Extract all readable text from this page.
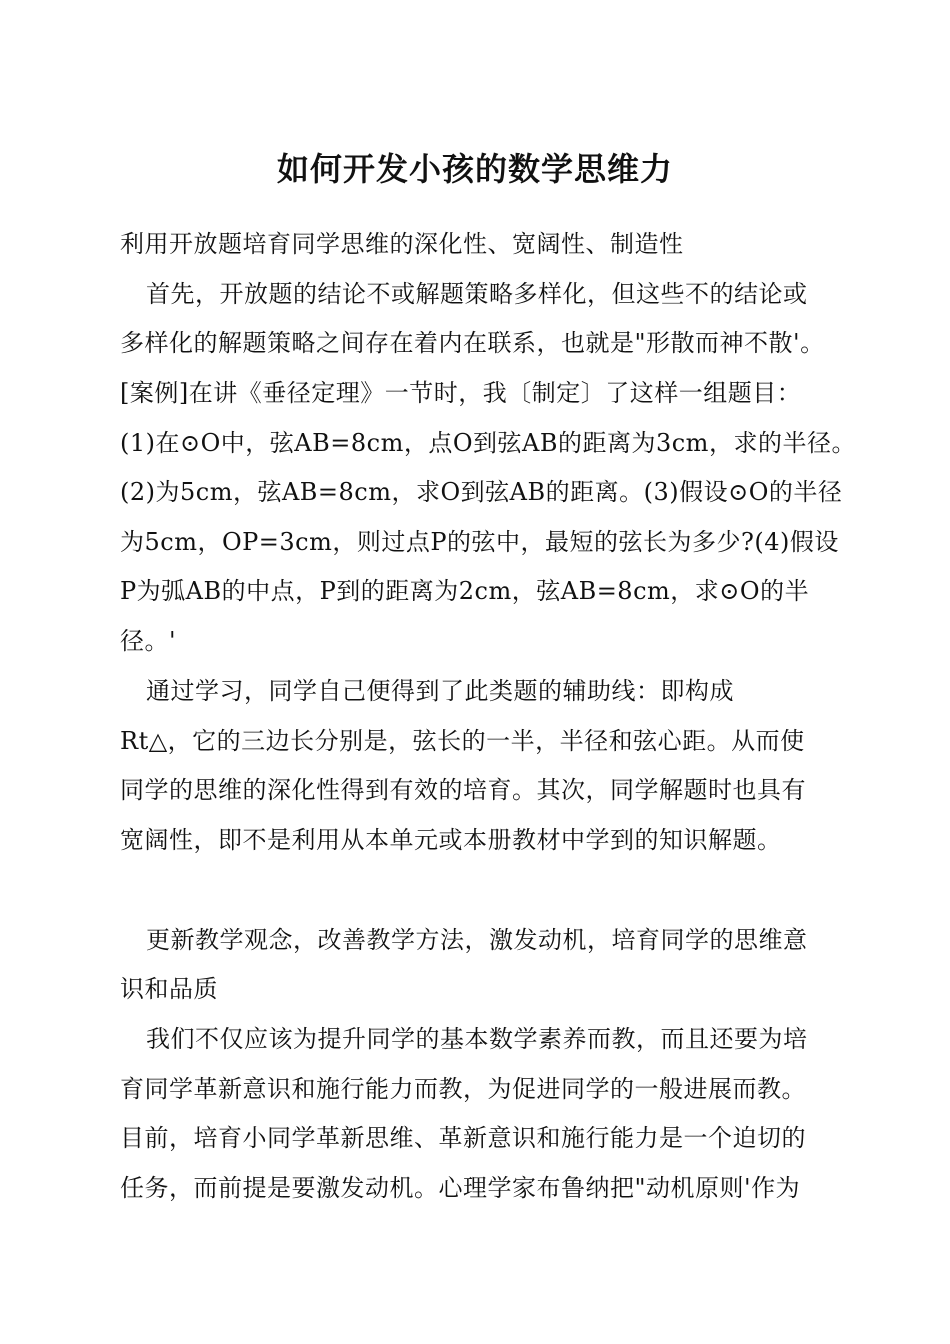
如何开发小孩的数学思维力
利用开放题培育同学思维的深化性、宽阔性、制造性
首先，开放题的结论不或解题策略多样化，但这些不的结论或
多样化的解题策略之间存在着内在联系，也就是"形散而神不散'。
[案例]在讲《垂径定理》一节时，我〔制定〕了这样一组题目：
(1)在⊙O中，弦AB=8cm，点O到弦AB的距离为3cm，求的半径。
(2)为5cm，弦AB=8cm，求O到弦AB的距离。(3)假设⊙O的半径
为5cm，OP=3cm，则过点P的弦中，最短的弦长为多少?(4)假设
P为弧AB的中点，P到的距离为2cm，弦AB=8cm，求⊙O的半
径。'
通过学习，同学自己便得到了此类题的辅助线：即构成
Rt△，它的三边长分别是，弦长的一半，半径和弦心距。从而使
同学的思维的深化性得到有效的培育。其次，同学解题时也具有
宽阔性，即不是利用从本单元或本册教材中学到的知识解题。
更新教学观念，改善教学方法，激发动机，培育同学的思维意
识和品质
我们不仅应该为提升同学的基本数学素养而教，而且还要为培
育同学革新意识和施行能力而教，为促进同学的一般进展而教。
目前，培育小同学革新思维、革新意识和施行能力是一个迫切的
任务，而前提是要激发动机。心理学家布鲁纳把"动机原则'作为
